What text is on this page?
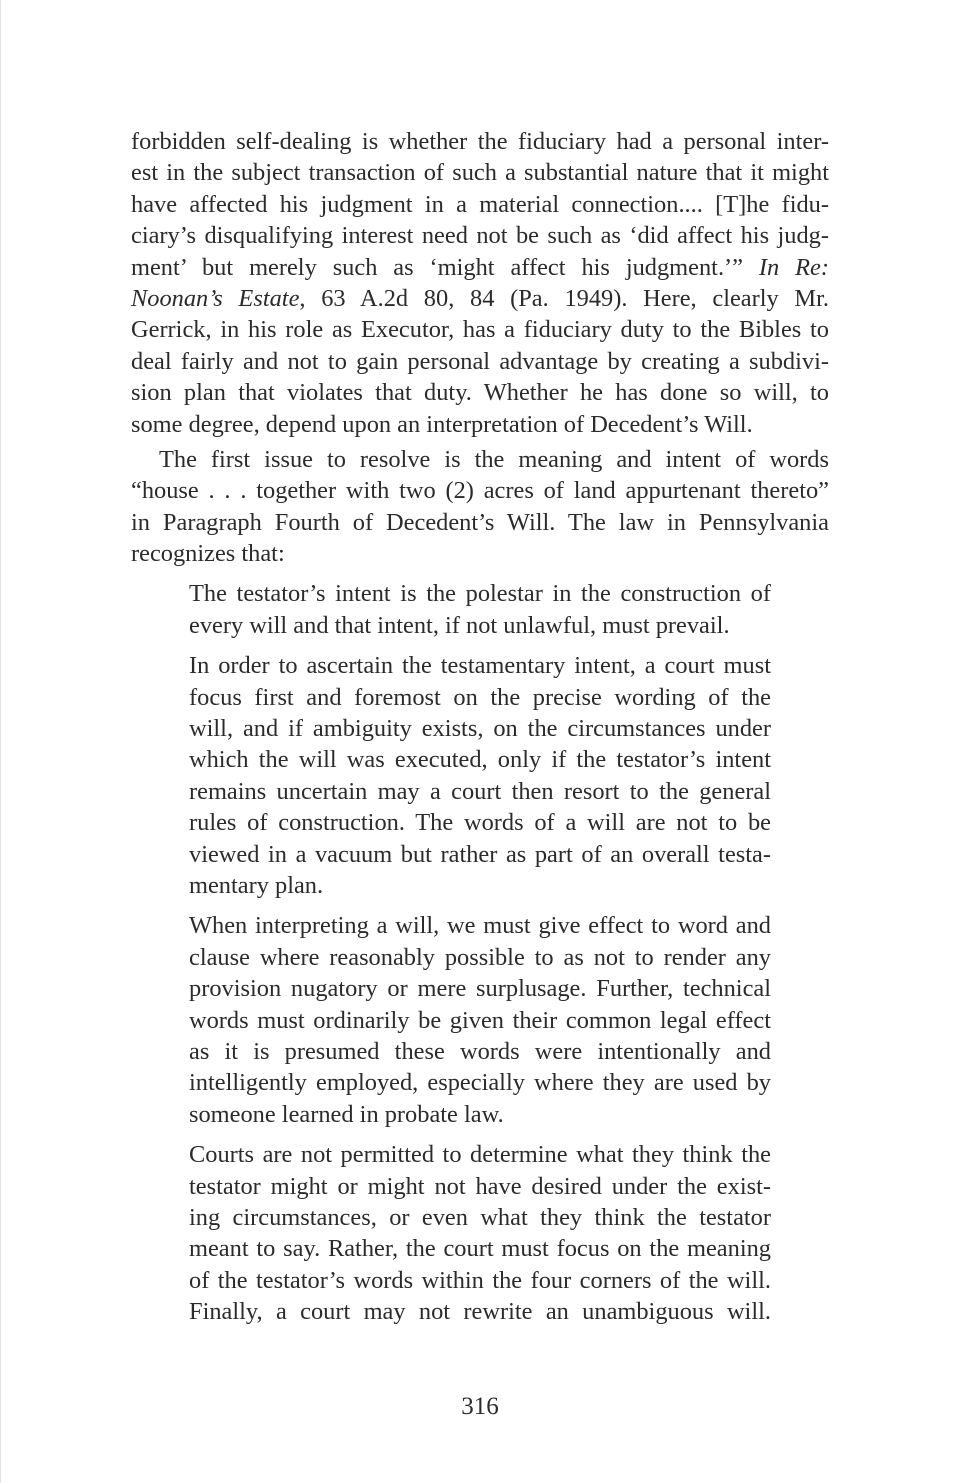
forbidden self-dealing is whether the fiduciary had a personal inter-
est in the subject transaction of such a substantial nature that it might
have affected his judgment in a material connection.... [T]he fidu-
ciary’s disqualifying interest need not be such as ‘did affect his judg-
ment’ but merely such as ‘might affect his judgment.’” In Re:
Noonan’s Estate, 63 A.2d 80, 84 (Pa. 1949). Here, clearly Mr.
Gerrick, in his role as Executor, has a fiduciary duty to the Bibles to
deal fairly and not to gain personal advantage by creating a subdivi-
sion plan that violates that duty. Whether he has done so will, to
some degree, depend upon an interpretation of Decedent’s Will.
The first issue to resolve is the meaning and intent of words
“house . . . together with two (2) acres of land appurtenant thereto”
in Paragraph Fourth of Decedent’s Will. The law in Pennsylvania
recognizes that:
The testator’s intent is the polestar in the construction of
every will and that intent, if not unlawful, must prevail.
In order to ascertain the testamentary intent, a court must
focus first and foremost on the precise wording of the
will, and if ambiguity exists, on the circumstances under
which the will was executed, only if the testator’s intent
remains uncertain may a court then resort to the general
rules of construction. The words of a will are not to be
viewed in a vacuum but rather as part of an overall testa-
mentary plan.
When interpreting a will, we must give effect to word and
clause where reasonably possible to as not to render any
provision nugatory or mere surplusage. Further, technical
words must ordinarily be given their common legal effect
as it is presumed these words were intentionally and
intelligently employed, especially where they are used by
someone learned in probate law.
Courts are not permitted to determine what they think the
testator might or might not have desired under the exist-
ing circumstances, or even what they think the testator
meant to say. Rather, the court must focus on the meaning
of the testator’s words within the four corners of the will.
Finally, a court may not rewrite an unambiguous will.
316
